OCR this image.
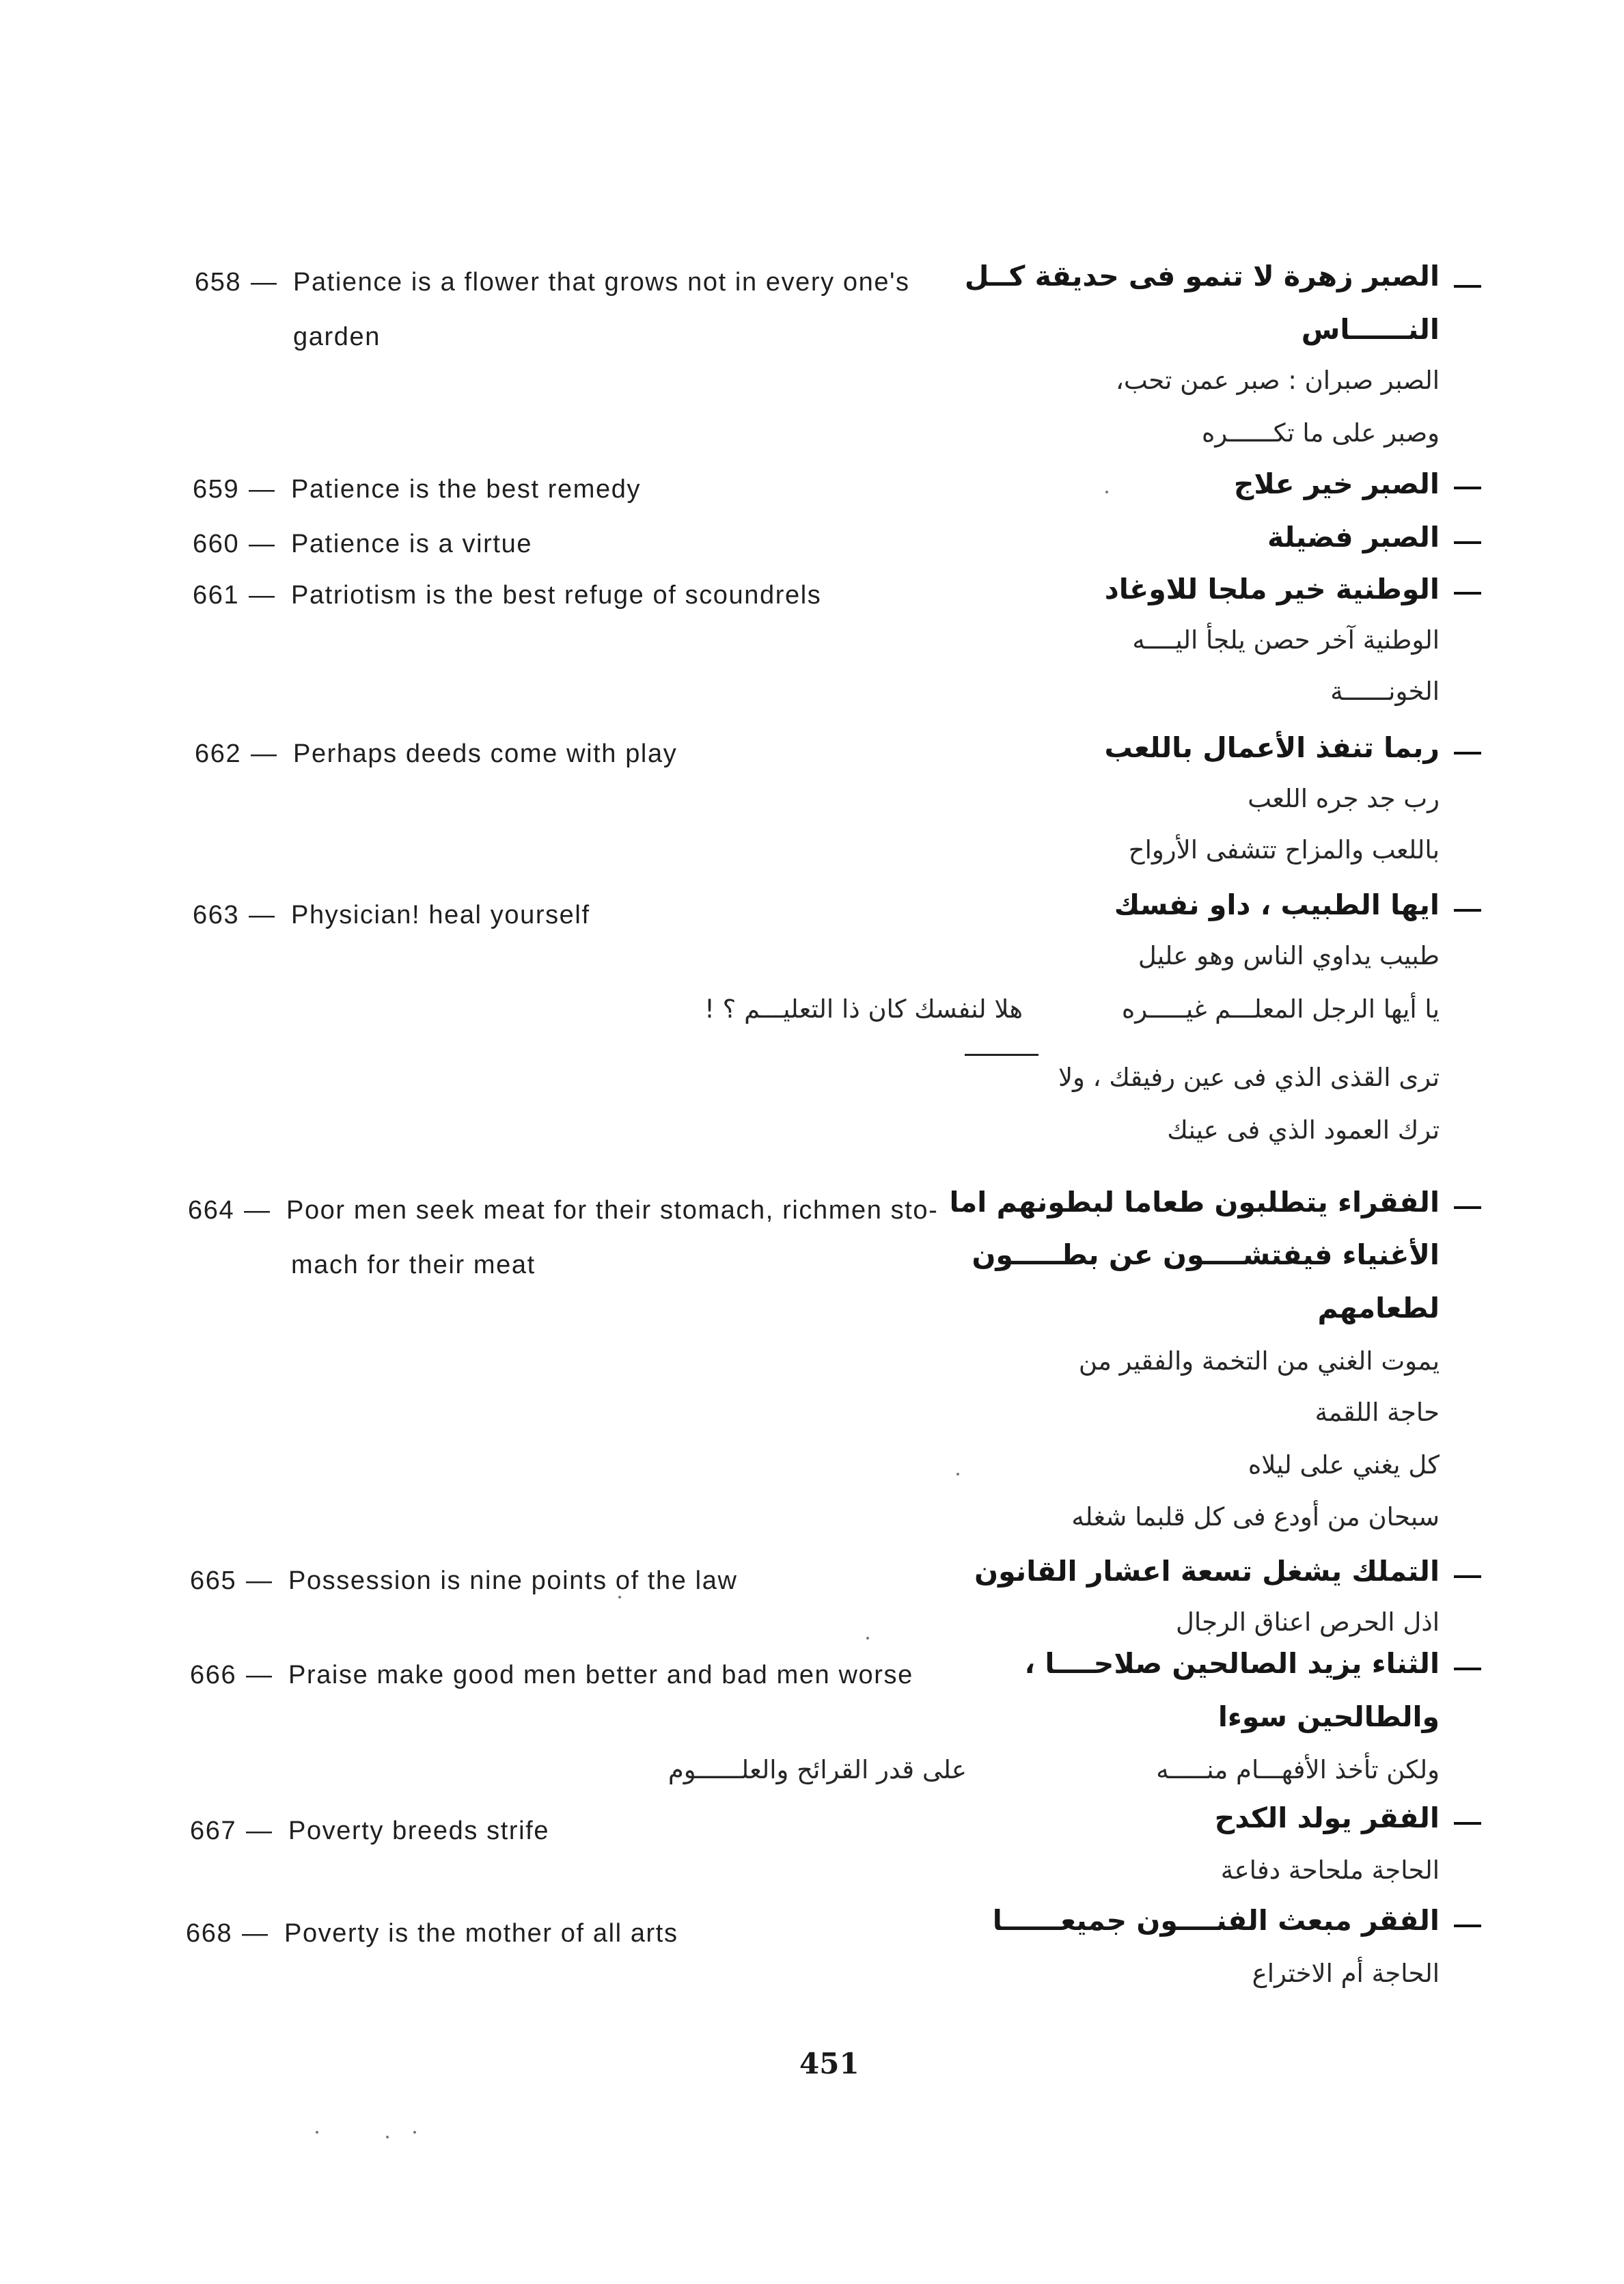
658 — Patience is a flower that grows not in every one's
garden
الصبر زهرة لا تنمو فى حديقة كــل
النــــــاس
الصبر صبران : صبر عمن تحب،
وصبر على ما تكــــــره
659 — Patience is the best remedy	الصبر خير علاج
660 — Patience is a virtue	الصبر فضيلة
661 — Patriotism is the best refuge of scoundrels	الوطنية خير ملجا للاوغاد
الوطنية آخر حصن يلجأ اليــــه
الخونــــــة
662 — Perhaps deeds come with play	ربما تنفذ الأعمال باللعب
رب جد جره اللعب
باللعب والمزاح تتشفى الأرواح
663 — Physician! heal yourself	ايها الطبيب ، داو نفسك
طبيب يداوي الناس وهو عليل
يا أيها الرجل المعلـــم غيـــــره
هلا لنفسك كان ذا التعليـــم ؟ !
ترى القذى الذي فى عين رفيقك ، ولا
ترك العمود الذي فى عينك
664 — Poor men seek meat for their stomach, richmen sto-
mach for their meat
الفقراء يتطلبون طعاما لبطونهم اما
الأغنياء فيفتشــــون عن بطـــــون
لطعامهم
يموت الغني من التخمة والفقير من
حاجة اللقمة
كل يغني على ليلاه
سبحان من أودع فى كل قلبما شغله
665 — Possession is nine points of the law	التملك يشغل تسعة اعشار القانون
اذل الحرص اعناق الرجال
666 — Praise make good men better and bad men worse	الثناء يزيد الصالحين صلاحــــا ،
والطالحين سوءا
ولكن تأخذ الأفهـــام منـــــه
على قدر القرائح والعلــــــوم
667 — Poverty breeds strife	الفقر يولد الكدح
الحاجة ملحاحة دفاعة
668 — Poverty is the mother of all arts	الفقر مبعث الفنــــون جميعــــــا
الحاجة أم الاختراع
451
